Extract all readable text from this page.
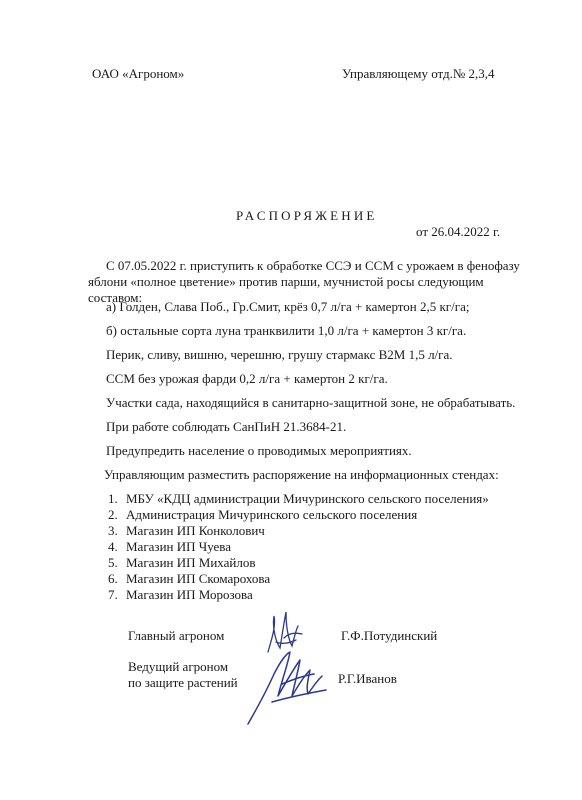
ОАО «Агроном»	Управляющему отд.№ 2,3,4
РАСПОРЯЖЕНИЕ
от 26.04.2022 г.
С 07.05.2022 г. приступить к обработке ССЭ и ССМ с урожаем в фенофазу яблони «полное цветение» против парши, мучнистой росы следующим составом:
а) Голден, Слава Поб., Гр.Смит, крёз 0,7 л/га + камертон 2,5 кг/га;
б) остальные сорта луна транквилити 1,0 л/га + камертон 3 кг/га.
Перик, сливу, вишню, черешню, грушу стармакс В2М 1,5 л/га.
ССМ без урожая фарди 0,2 л/га + камертон 2 кг/га.
Участки сада, находящийся в санитарно-защитной зоне, не обрабатывать.
При работе соблюдать СанПиН 21.3684-21.
Предупредить население о проводимых мероприятиях.
Управляющим разместить распоряжение на информационных стендах:
1. МБУ «КДЦ администрации Мичуринского сельского поселения»
2. Администрация Мичуринского сельского поселения
3. Магазин ИП Конколович
4. Магазин ИП Чуева
5. Магазин ИП Михайлов
6. Магазин ИП Скомарохова
7. Магазин ИП Морозова
Главный агроном	Г.Ф.Потудинский
Ведущий агроном
по защите растений	Р.Г.Иванов
